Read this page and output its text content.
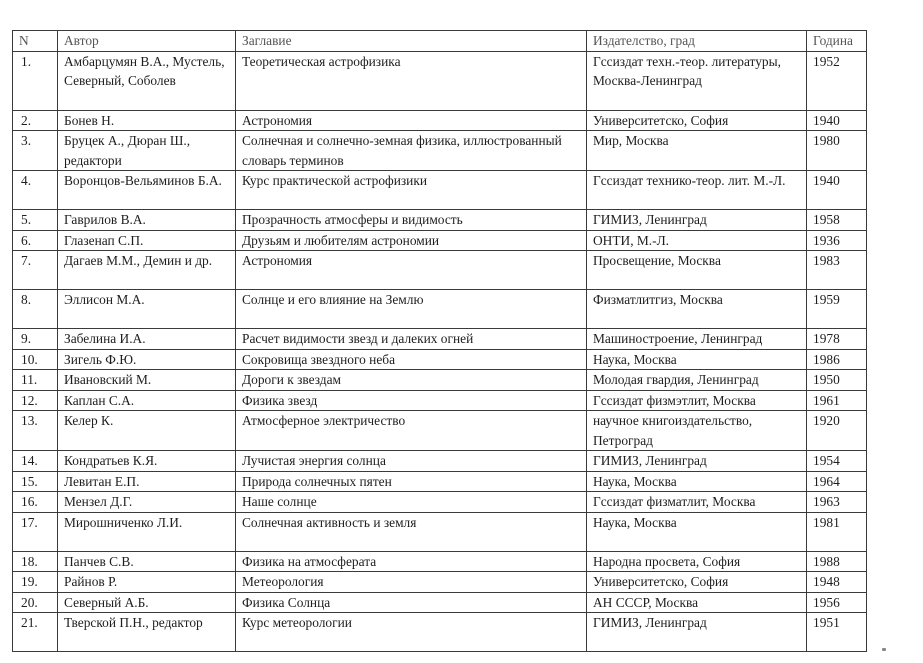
N	Автор	Заглавие	Издателство, град	Година
1.	Амбарцумян В.А., Мустель, Северный, Соболев	Теоретическая астрофизика	Гссиздат техн.-теор. литературы, Москва-Ленинград	1952
2.	Бонев Н.	Астрономия	Университетско, София	1940
3.	Бруцек А., Дюран Ш., редактори	Солнечная и солнечно-земная физика, иллюстрованный словарь терминов	Мир, Москва	1980
4.	Воронцов-Вельяминов Б.А.	Курс практической астрофизики	Гссиздат технико-теор. лит. М.-Л.	1940
5.	Гаврилов В.А.	Прозрачность атмосферы и видимость	ГИМИЗ, Ленинград	1958
6.	Глазенап С.П.	Друзьям и любителям астрономии	ОНТИ, М.-Л.	1936
7.	Дагаев М.М., Демин и др.	Астрономия	Просвещение, Москва	1983
8.	Эллисон М.А.	Солнце и его влияние на Землю	Физматлитгиз, Москва	1959
9.	Забелина И.А.	Расчет видимости звезд и далеких огней	Машиностроение, Ленинград	1978
10.	Зигель Ф.Ю.	Сокровища звездного неба	Наука, Москва	1986
11.	Ивановский М.	Дороги к звездам	Молодая гвардия, Ленинград	1950
12.	Каплан С.А.	Физика звезд	Гссиздат физмэтлит, Москва	1961
13.	Келер К.	Атмосферное электричество	научное книгоиздательство, Петроград	1920
14.	Кондратьев К.Я.	Лучистая энергия солнца	ГИМИЗ, Ленинград	1954
15.	Левитан Е.П.	Природа солнечных пятен	Наука, Москва	1964
16.	Мензел Д.Г.	Наше солнце	Гссиздат физматлит, Москва	1963
17.	Мирошниченко Л.И.	Солнечная активность и земля	Наука, Москва	1981
18.	Панчев С.В.	Физика на атмосферата	Народна просвета, София	1988
19.	Райнов Р.	Метеорология	Университетско, София	1948
20.	Северный А.Б.	Физика Солнца	АН СССР, Москва	1956
21.	Тверской П.Н., редактор	Курс метеорологии	ГИМИЗ, Ленинград	1951
